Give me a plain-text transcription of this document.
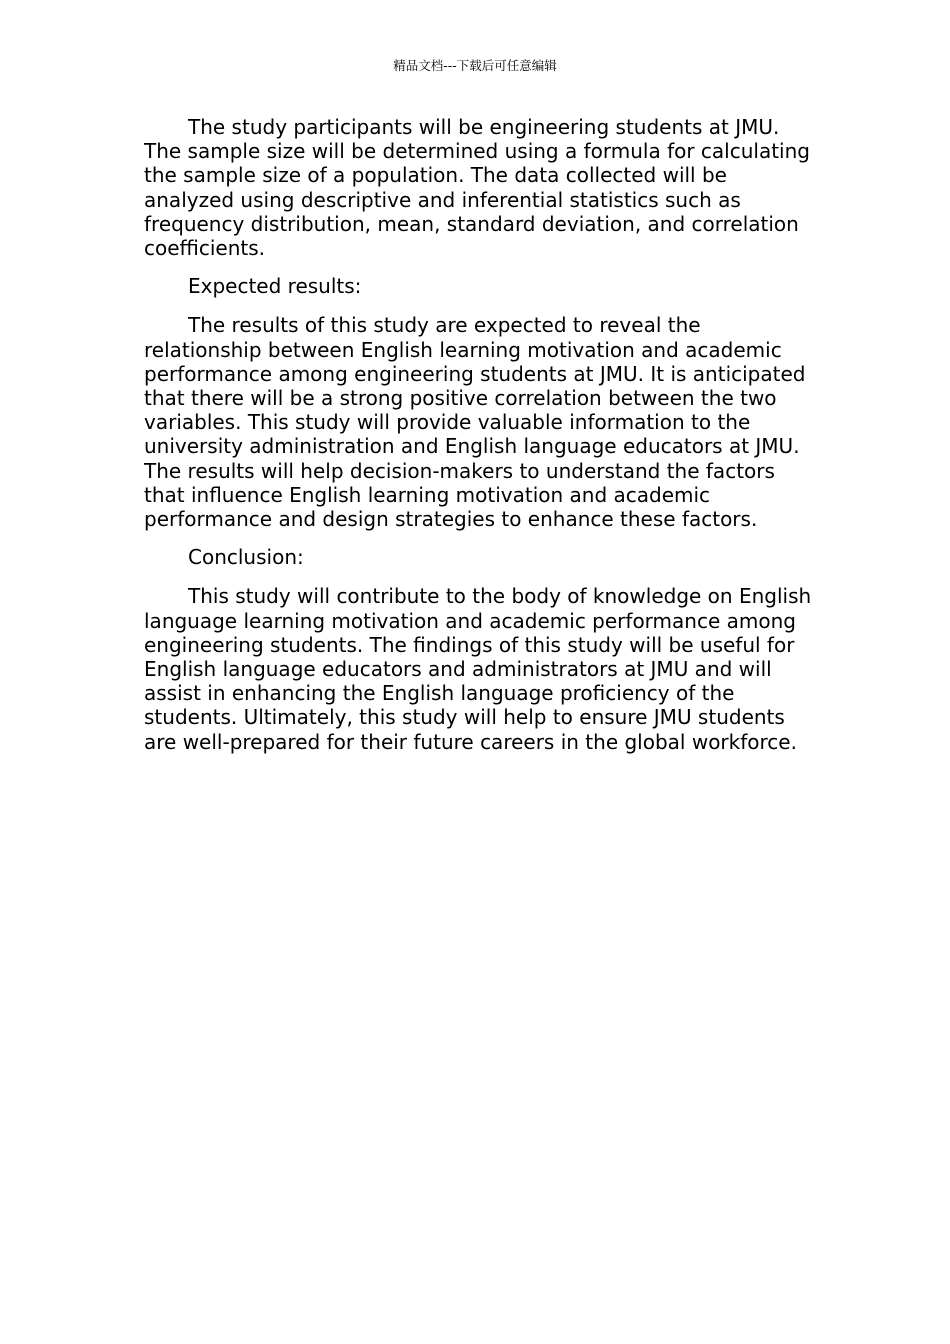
精品文档---下载后可任意编辑

The study participants will be engineering students at JMU. The sample size will be determined using a formula for calculating the sample size of a population. The data collected will be analyzed using descriptive and inferential statistics such as frequency distribution, mean, standard deviation, and correlation coefficients.

Expected results:

The results of this study are expected to reveal the relationship between English learning motivation and academic performance among engineering students at JMU. It is anticipated that there will be a strong positive correlation between the two variables. This study will provide valuable information to the university administration and English language educators at JMU. The results will help decision-makers to understand the factors that influence English learning motivation and academic performance and design strategies to enhance these factors.

Conclusion:

This study will contribute to the body of knowledge on English language learning motivation and academic performance among engineering students. The findings of this study will be useful for English language educators and administrators at JMU and will assist in enhancing the English language proficiency of the students. Ultimately, this study will help to ensure JMU students are well-prepared for their future careers in the global workforce.
